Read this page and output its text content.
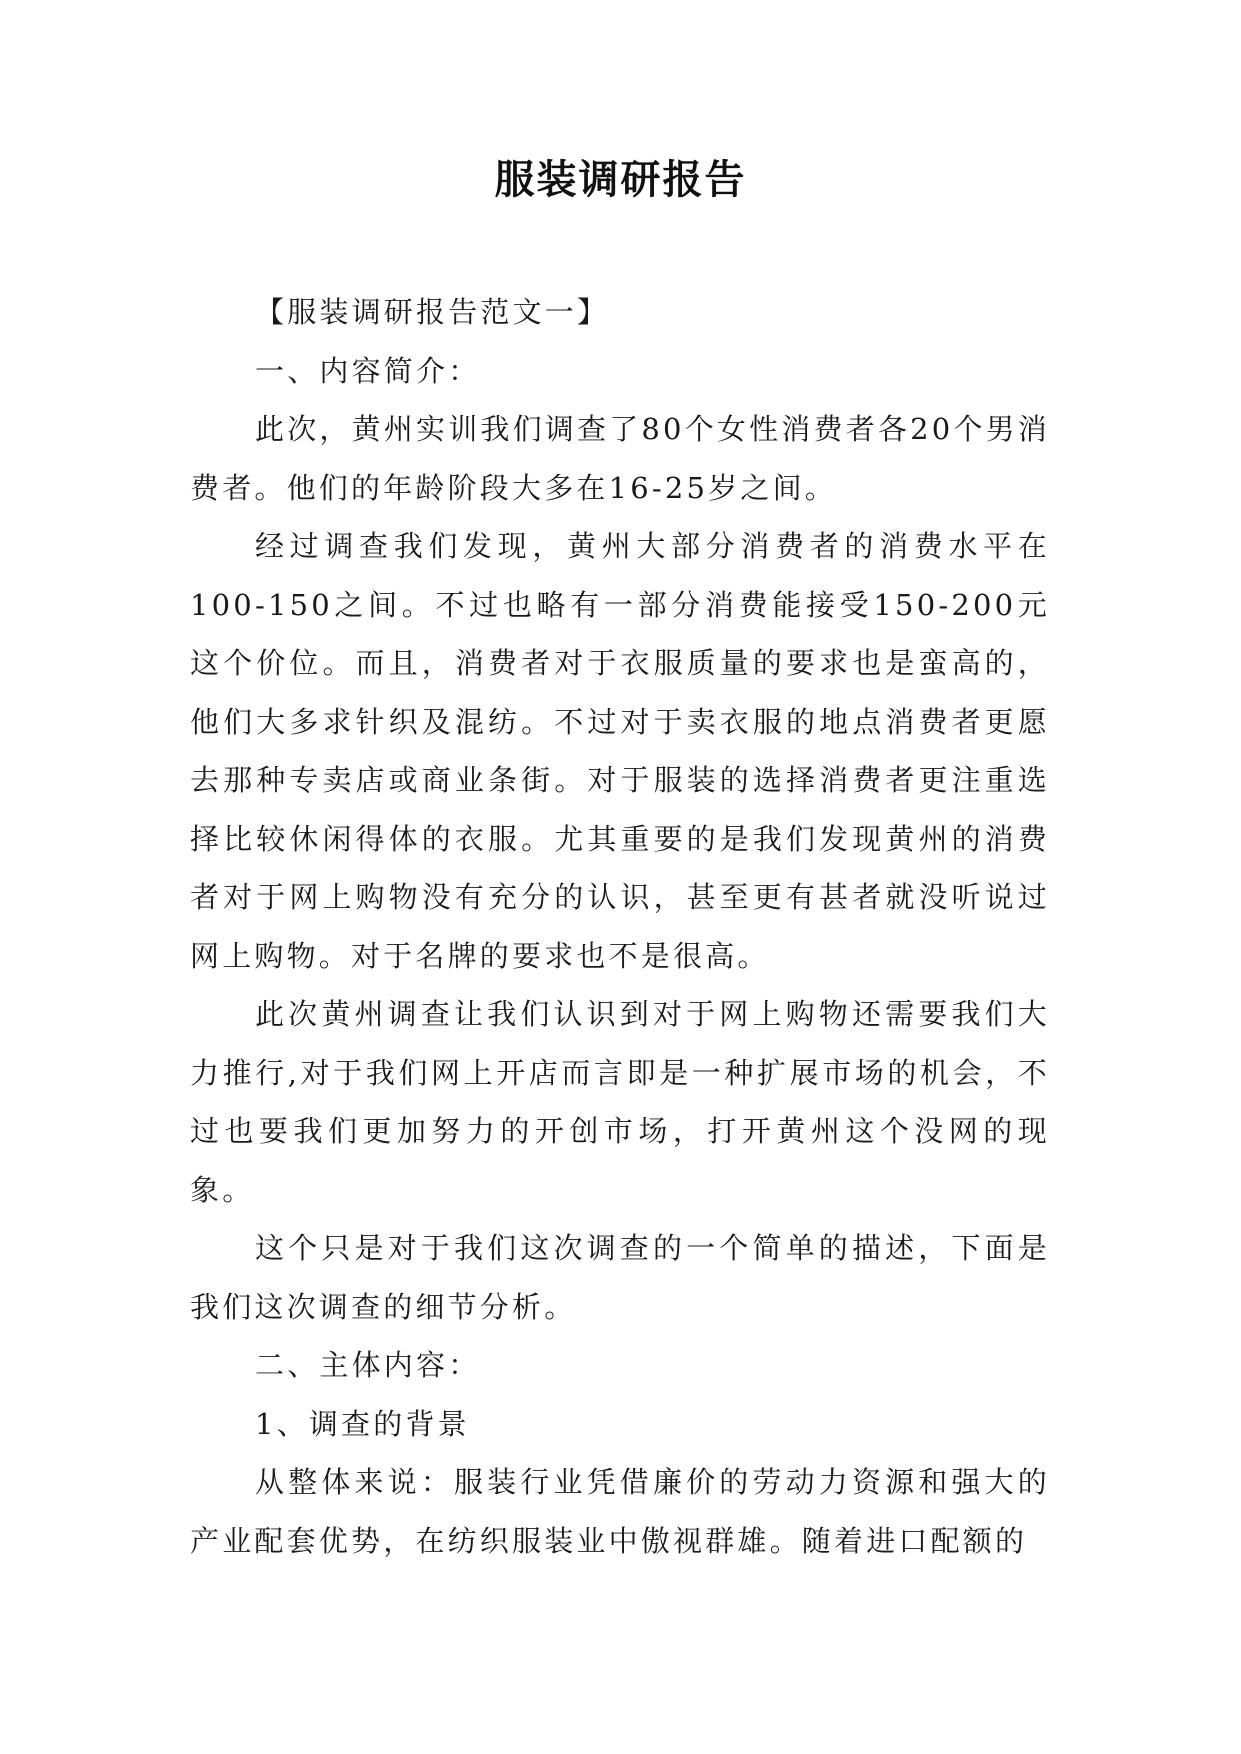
服装调研报告

【服装调研报告范文一】

一、内容简介：

此次，黄州实训我们调查了80个女性消费者各20个男消费者。他们的年龄阶段大多在16-25岁之间。

经过调查我们发现，黄州大部分消费者的消费水平在100-150之间。不过也略有一部分消费能接受150-200元这个价位。而且，消费者对于衣服质量的要求也是蛮高的，他们大多求针织及混纺。不过对于卖衣服的地点消费者更愿去那种专卖店或商业条街。对于服装的选择消费者更注重选择比较休闲得体的衣服。尤其重要的是我们发现黄州的消费者对于网上购物没有充分的认识，甚至更有甚者就没听说过网上购物。对于名牌的要求也不是很高。

此次黄州调查让我们认识到对于网上购物还需要我们大力推行,对于我们网上开店而言即是一种扩展市场的机会，不过也要我们更加努力的开创市场，打开黄州这个没网的现象。

这个只是对于我们这次调查的一个简单的描述，下面是我们这次调查的细节分析。

二、主体内容：

1、调查的背景

从整体来说：服装行业凭借廉价的劳动力资源和强大的产业配套优势，在纺织服装业中傲视群雄。随着进口配额的
